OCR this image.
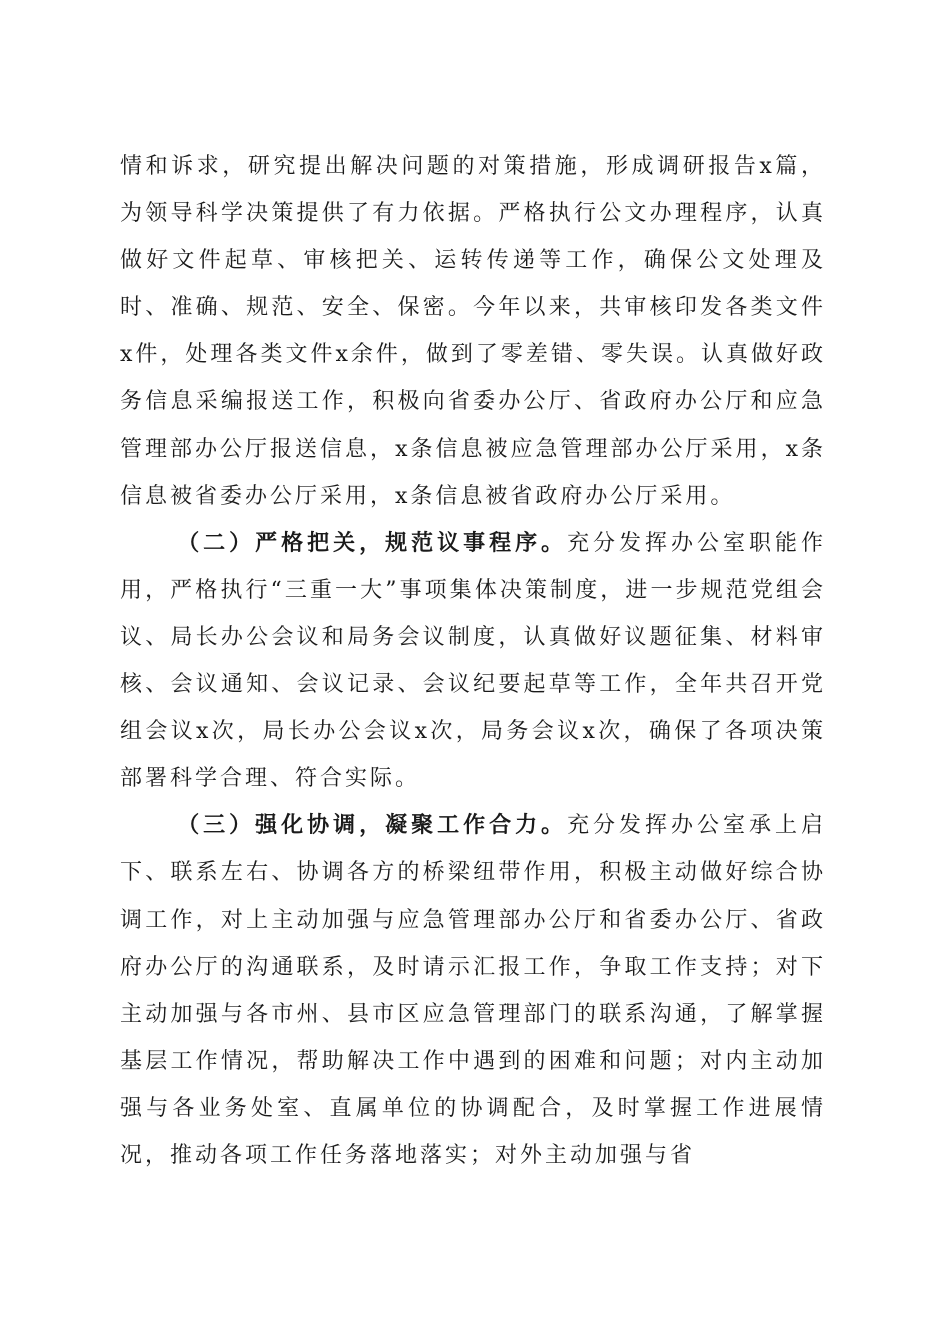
情和诉求，研究提出解决问题的对策措施，形成调研报告x篇，为领导科学决策提供了有力依据。严格执行公文办理程序，认真做好文件起草、审核把关、运转传递等工作，确保公文处理及时、准确、规范、安全、保密。今年以来，共审核印发各类文件x件，处理各类文件x余件，做到了零差错、零失误。认真做好政务信息采编报送工作，积极向省委办公厅、省政府办公厅和应急管理部办公厅报送信息，x条信息被应急管理部办公厅采用，x条信息被省委办公厅采用，x条信息被省政府办公厅采用。

（二）严格把关，规范议事程序。充分发挥办公室职能作用，严格执行“三重一大”事项集体决策制度，进一步规范党组会议、局长办公会议和局务会议制度，认真做好议题征集、材料审核、会议通知、会议记录、会议纪要起草等工作，全年共召开党组会议x次，局长办公会议x次，局务会议x次，确保了各项决策部署科学合理、符合实际。

（三）强化协调，凝聚工作合力。充分发挥办公室承上启下、联系左右、协调各方的桥梁纽带作用，积极主动做好综合协调工作，对上主动加强与应急管理部办公厅和省委办公厅、省政府办公厅的沟通联系，及时请示汇报工作，争取工作支持；对下主动加强与各市州、县市区应急管理部门的联系沟通，了解掌握基层工作情况，帮助解决工作中遇到的困难和问题；对内主动加强与各业务处室、直属单位的协调配合，及时掌握工作进展情况，推动各项工作任务落地落实；对外主动加强与省
